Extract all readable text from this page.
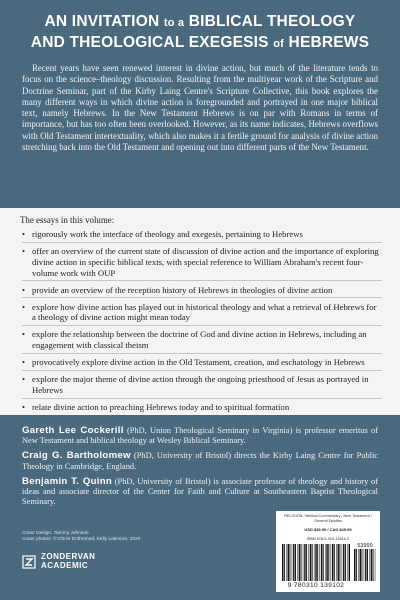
AN INVITATION to a BIBLICAL THEOLOGY
AND THEOLOGICAL EXEGESIS of HEBREWS

Recent years have seen renewed interest in divine action, but much of the literature tends to focus on the science–theology discussion. Resulting from the multiyear work of the Scripture and Doctrine Seminar, part of the Kirby Laing Centre's Scripture Collective, this book explores the many different ways in which divine action is foregrounded and portrayed in one major biblical text, namely Hebrews. In the New Testament Hebrews is on par with Romans in terms of importance, but has too often been overlooked. However, as its name indicates, Hebrews overflows with Old Testament intertextuality, which also makes it a fertile ground for analysis of divine action stretching back into the Old Testament and opening out into different parts of the New Testament.

The essays in this volume:

• rigorously work the interface of theology and exegesis, pertaining to Hebrews
• offer an overview of the current state of discussion of divine action and the importance of exploring divine action in specific biblical texts, with special reference to William Abraham's recent four-volume work with OUP
• provide an overview of the reception history of Hebrews in theologies of divine action
• explore how divine action has played out in historical theology and what a retrieval of Hebrews for a theology of divine action might mean today
• explore the relationship between the doctrine of God and divine action in Hebrews, including an engagement with classical theism
• provocatively explore divine action in the Old Testament, creation, and eschatology in Hebrews
• explore the major theme of divine action through the ongoing priesthood of Jesus as portrayed in Hebrews
• relate divine action to preaching Hebrews today and to spiritual formation

Gareth Lee Cockerill (PhD, Union Theological Seminary in Virginia) is professor emeritus of New Testament and biblical theology at Wesley Biblical Seminary.

Craig G. Bartholomew (PhD, University of Bristol) directs the Kirby Laing Centre for Public Theology in Cambridge, England.

Benjamin T. Quinn (PhD, University of Bristol) is associate professor of theology and history of ideas and associate director of the Center for Faith and Culture at Southeastern Baptist Theological Seminary.

Cover Design: Tammy Johnson
Cover photos: © Christ Enthroned, Kelly Latimore, 2020
ZONDERVAN
ACADEMIC
RELIGION / Biblical Commentary / New Testament / General Epistles
USD $39.99 / CAD $49.99
ISBN 978-0-310-13910-2
53999
9 780310 139102
